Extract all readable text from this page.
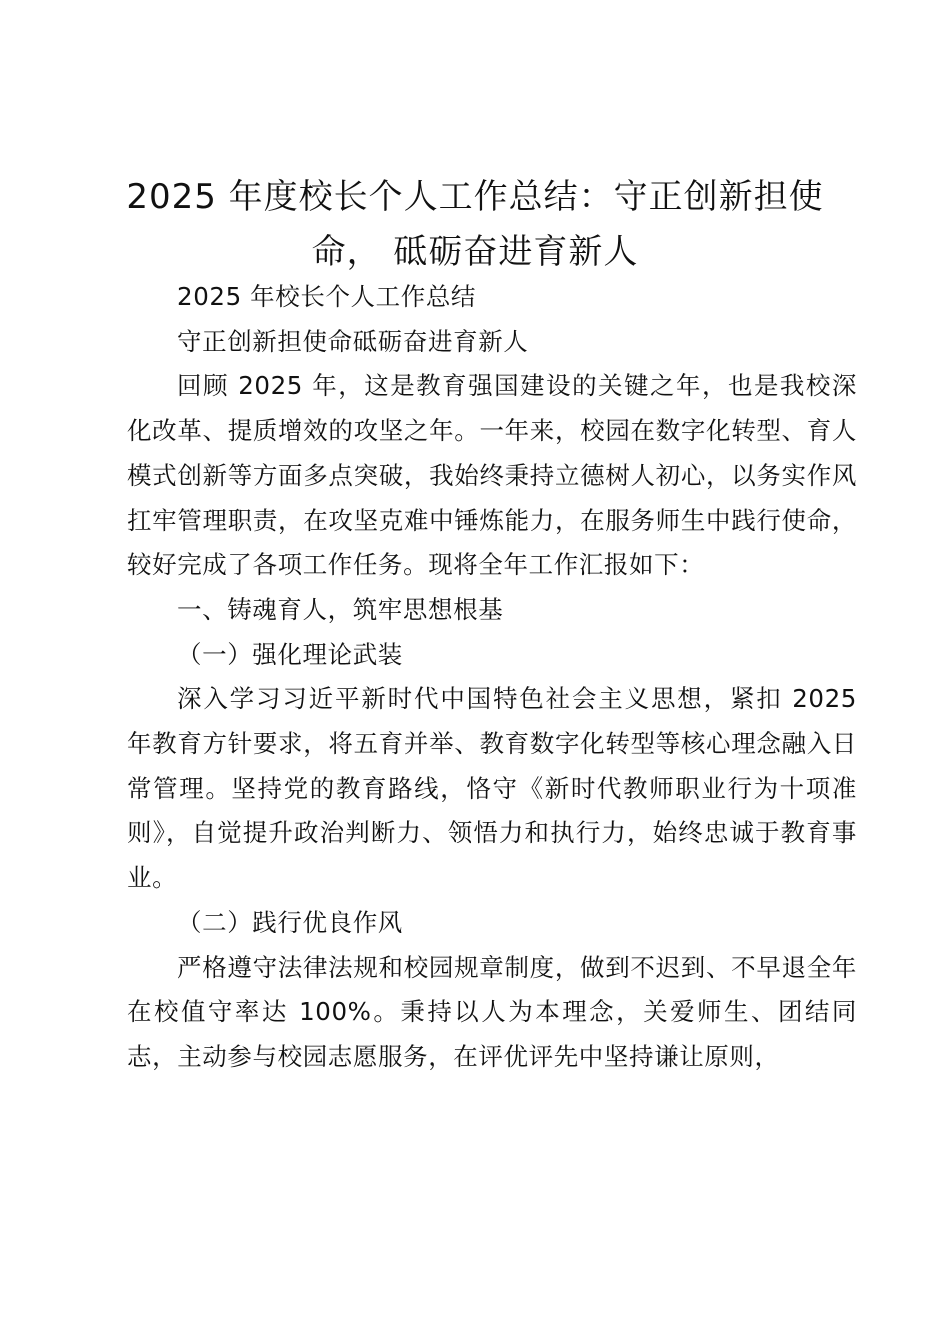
2025 年度校长个人工作总结：守正创新担使命， 砥砺奋进育新人

2025 年校长个人工作总结

守正创新担使命砥砺奋进育新人

回顾 2025 年，这是教育强国建设的关键之年，也是我校深化改革、提质增效的攻坚之年。一年来，校园在数字化转型、育人模式创新等方面多点突破，我始终秉持立德树人初心，以务实作风扛牢管理职责，在攻坚克难中锤炼能力，在服务师生中践行使命，较好完成了各项工作任务。现将全年工作汇报如下：

一、铸魂育人，筑牢思想根基

（一）强化理论武装

深入学习习近平新时代中国特色社会主义思想，紧扣 2025 年教育方针要求，将五育并举、教育数字化转型等核心理念融入日常管理。坚持党的教育路线，恪守《新时代教师职业行为十项准则》，自觉提升政治判断力、领悟力和执行力，始终忠诚于教育事业。

（二）践行优良作风

严格遵守法律法规和校园规章制度，做到不迟到、不早退全年在校值守率达 100%。秉持以人为本理念，关爱师生、团结同志，主动参与校园志愿服务，在评优评先中坚持谦让原则，
